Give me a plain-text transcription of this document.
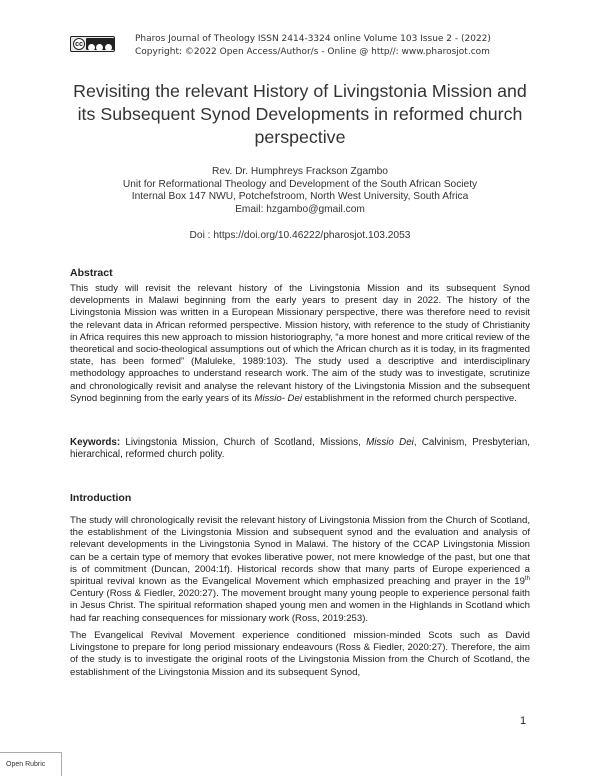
cc	Pharos Journal of Theology ISSN 2414-3324 online Volume 103 Issue 2 - (2022)
Copyright: ©2022 Open Access/Author/s - Online @ http//: www.pharosjot.com
Revisiting the relevant History of Livingstonia Mission and
its Subsequent Synod Developments in reformed church
perspective
Rev. Dr. Humphreys Frackson Zgambo
Unit for Reformational Theology and Development of the South African Society
Internal Box 147 NWU, Potchefstroom, North West University, South Africa
Email: hzgambo@gmail.com
Doi : https://doi.org/10.46222/pharosjot.103.2053
Abstract

This study will revisit the relevant history of the Livingstonia Mission and its subsequent Synod developments in Malawi beginning from the early years to present day in 2022. The history of the Livingstonia Mission was written in a European Missionary perspective, there was therefore need to revisit the relevant data in African reformed perspective. Mission history, with reference to the study of Christianity in Africa requires this new approach to mission historiography, “a more honest and more critical review of the theoretical and socio-theological assumptions out of which the African church as it is today, in its fragmented state, has been formed” (Maluleke, 1989:103). The study used a descriptive and interdisciplinary methodology approaches to understand research work. The aim of the study was to investigate, scrutinize and chronologically revisit and analyse the relevant history of the Livingstonia Mission and the subsequent Synod beginning from the early years of its Missio- Dei establishment in the reformed church perspective.

Keywords: Livingstonia Mission, Church of Scotland, Missions, Missio Dei, Calvinism, Presbyterian, hierarchical, reformed church polity.

Introduction

The study will chronologically revisit the relevant history of Livingstonia Mission from the Church of Scotland, the establishment of the Livingstonia Mission and subsequent synod and the evaluation and analysis of relevant developments in the Livingstonia Synod in Malawi. The history of the CCAP Livingstonia Mission can be a certain type of memory that evokes liberative power, not mere knowledge of the past, but one that is of commitment (Duncan, 2004:1f). Historical records show that many parts of Europe experienced a spiritual revival known as the Evangelical Movement which emphasized preaching and prayer in the 19th Century (Ross & Fiedler, 2020:27). The movement brought many young people to experience personal faith in Jesus Christ. The spiritual reformation shaped young men and women in the Highlands in Scotland which had far reaching consequences for missionary work (Ross, 2019:253).

The Evangelical Revival Movement experience conditioned mission-minded Scots such as David Livingstone to prepare for long period missionary endeavours (Ross & Fiedler, 2020:27). Therefore, the aim of the study is to investigate the original roots of the Livingstonia Mission from the Church of Scotland, the establishment of the Livingstonia Mission and its subsequent Synod,

1
Open Rubric
